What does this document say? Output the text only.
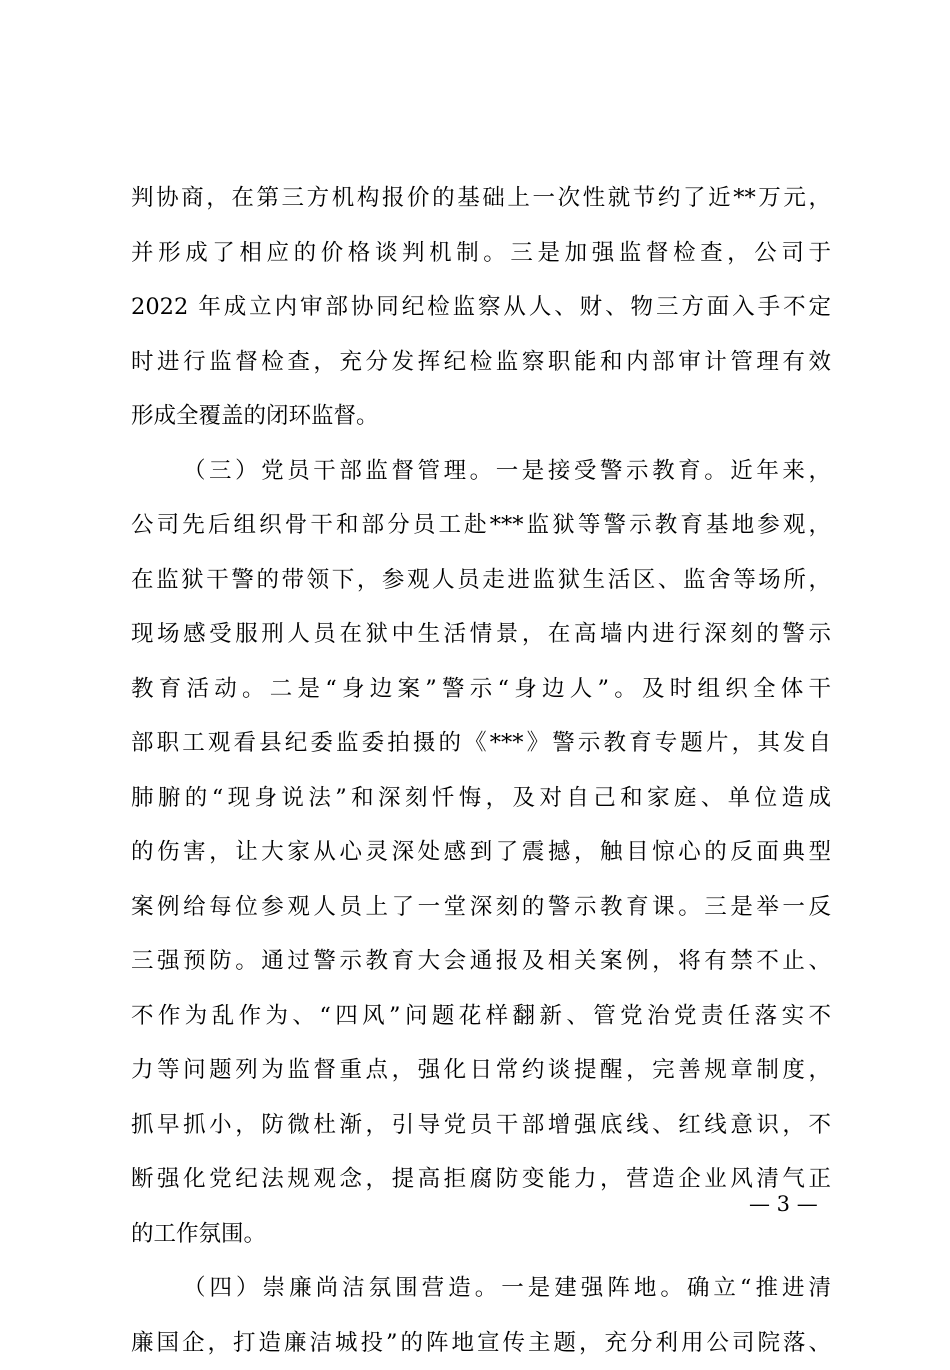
判协商，在第三方机构报价的基础上一次性就节约了近**万元，
并形成了相应的价格谈判机制。三是加强监督检查，公司于
2022 年成立内审部协同纪检监察从人、财、物三方面入手不定
时进行监督检查，充分发挥纪检监察职能和内部审计管理有效
形成全覆盖的闭环监督。
（三）党员干部监督管理。一是接受警示教育。近年来，
公司先后组织骨干和部分员工赴***监狱等警示教育基地参观，
在监狱干警的带领下，参观人员走进监狱生活区、监舍等场所，
现场感受服刑人员在狱中生活情景，在高墙内进行深刻的警示
教育活动。二是“身边案”警示“身边人”。及时组织全体干
部职工观看县纪委监委拍摄的《***》警示教育专题片，其发自
肺腑的“现身说法”和深刻忏悔，及对自己和家庭、单位造成
的伤害，让大家从心灵深处感到了震撼，触目惊心的反面典型
案例给每位参观人员上了一堂深刻的警示教育课。三是举一反
三强预防。通过警示教育大会通报及相关案例，将有禁不止、
不作为乱作为、“四风”问题花样翻新、管党治党责任落实不
力等问题列为监督重点，强化日常约谈提醒，完善规章制度，
抓早抓小，防微杜渐，引导党员干部增强底线、红线意识，不
断强化党纪法规观念，提高拒腐防变能力，营造企业风清气正
的工作氛围。
（四）崇廉尚洁氛围营造。一是建强阵地。确立“推进清
廉国企，打造廉洁城投”的阵地宣传主题，充分利用公司院落、
— 3 —
